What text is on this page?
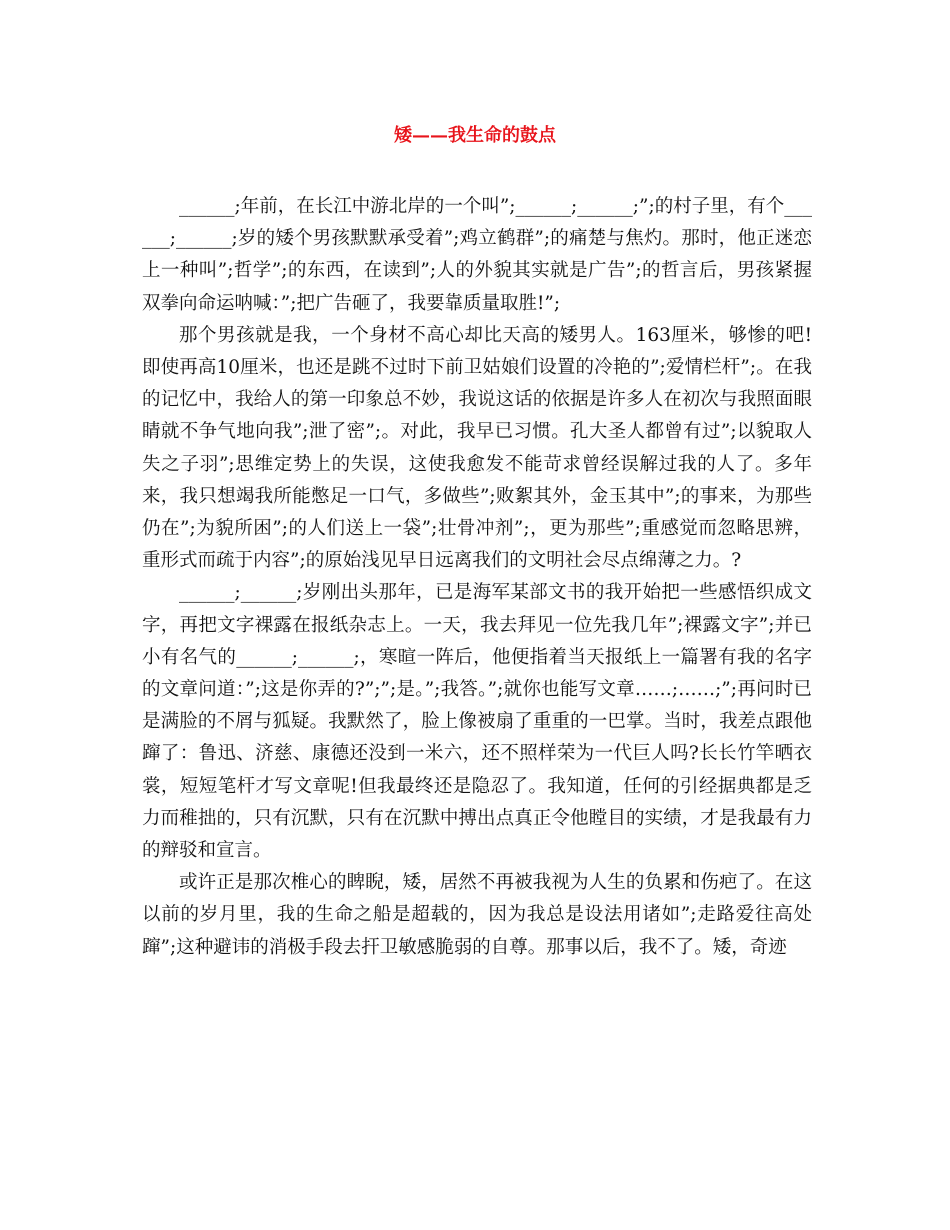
矮——我生命的鼓点

______;年前，在长江中游北岸的一个叫”;______;______;”;的村子里，有个______;______;岁的矮个男孩默默承受着”;鸡立鹤群”;的痛楚与焦灼。那时，他正迷恋上一种叫”;哲学”;的东西，在读到”;人的外貌其实就是广告”;的哲言后，男孩紧握双拳向命运呐喊：”;把广告砸了，我要靠质量取胜!”;

那个男孩就是我，一个身材不高心却比天高的矮男人。163厘米，够惨的吧!即使再高10厘米，也还是跳不过时下前卫姑娘们设置的冷艳的”;爱情栏杆”;。在我的记忆中，我给人的第一印象总不妙，我说这话的依据是许多人在初次与我照面眼睛就不争气地向我”;泄了密”;。对此，我早已习惯。孔大圣人都曾有过”;以貌取人失之子羽”;思维定势上的失误，这使我愈发不能苛求曾经误解过我的人了。多年来，我只想竭我所能憋足一口气，多做些”;败絮其外，金玉其中”;的事来，为那些仍在”;为貌所困”;的人们送上一袋”;壮骨冲剂”;，更为那些”;重感觉而忽略思辨，重形式而疏于内容”;的原始浅见早日远离我们的文明社会尽点绵薄之力。?

______;______;岁刚出头那年，已是海军某部文书的我开始把一些感悟织成文字，再把文字裸露在报纸杂志上。一天，我去拜见一位先我几年”;裸露文字”;并已小有名气的______;______;，寒暄一阵后，他便指着当天报纸上一篇署有我的名字的文章问道：”;这是你弄的?”;”;是。”;我答。”;就你也能写文章……;……;”;再问时已是满脸的不屑与狐疑。我默然了，脸上像被扇了重重的一巴掌。当时，我差点跟他蹿了：鲁迅、济慈、康德还没到一米六，还不照样荣为一代巨人吗?长长竹竿晒衣裳，短短笔杆才写文章呢!但我最终还是隐忍了。我知道，任何的引经据典都是乏力而稚拙的，只有沉默，只有在沉默中搏出点真正令他瞠目的实绩，才是我最有力的辩驳和宣言。

或许正是那次椎心的睥睨，矮，居然不再被我视为人生的负累和伤疤了。在这以前的岁月里，我的生命之船是超载的，因为我总是设法用诸如”;走路爱往高处蹿”;这种避讳的消极手段去扞卫敏感脆弱的自尊。那事以后，我不了。矮，奇迹
